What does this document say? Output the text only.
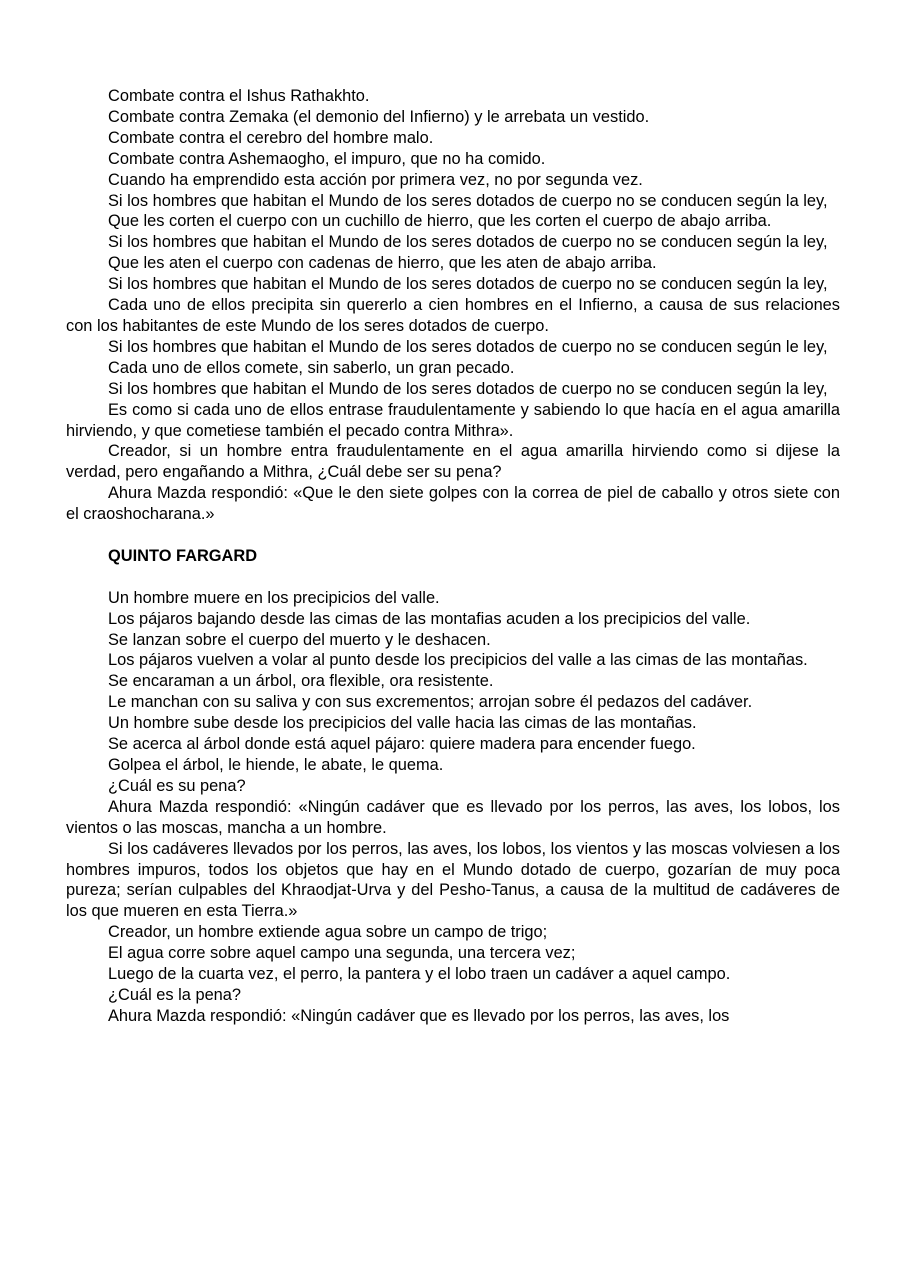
Combate contra el Ishus Rathakhto.

Combate contra Zemaka (el demonio del Infierno) y le arrebata un vestido.

Combate contra el cerebro del hombre malo.

Combate contra Ashemaogho, el impuro, que no ha comido.

Cuando ha emprendido esta acción por primera vez, no por segunda vez.

Si los hombres que habitan el Mundo de los seres dotados de cuerpo no se conducen según la ley,

Que les corten el cuerpo con un cuchillo de hierro, que les corten el cuerpo de abajo arriba.

Si los hombres que habitan el Mundo de los seres dotados de cuerpo no se conducen según la ley,

Que les aten el cuerpo con cadenas de hierro, que les aten de abajo arriba.

Si los hombres que habitan el Mundo de los seres dotados de cuerpo no se conducen según la ley,

Cada uno de ellos precipita sin quererlo a cien hombres en el Infierno, a causa de sus relaciones con los habitantes de este Mundo de los seres dotados de cuerpo.

Si los hombres que habitan el Mundo de los seres dotados de cuerpo no se conducen según le ley,

Cada uno de ellos comete, sin saberlo, un gran pecado.

Si los hombres que habitan el Mundo de los seres dotados de cuerpo no se conducen según la ley,

Es como si cada uno de ellos entrase fraudulentamente y sabiendo lo que hacía en el agua amarilla hirviendo, y que cometiese también el pecado contra Mithra».

Creador, si un hombre entra fraudulentamente en el agua amarilla hirviendo como si dijese la verdad, pero engañando a Mithra, ¿Cuál debe ser su pena?

Ahura Mazda respondió: «Que le den siete golpes con la correa de piel de caballo y otros siete con el craoshocharana.»

QUINTO FARGARD

Un hombre muere en los precipicios del valle.

Los pájaros bajando desde las cimas de las montafias acuden a los precipicios del valle.

Se lanzan sobre el cuerpo del muerto y le deshacen.

Los pájaros vuelven a volar al punto desde los precipicios del valle a las cimas de las montañas.

Se encaraman a un árbol, ora flexible, ora resistente.

Le manchan con su saliva y con sus excrementos; arrojan sobre él pedazos del cadáver.

Un hombre sube desde los precipicios del valle hacia las cimas de las montañas.

Se acerca al árbol donde está aquel pájaro: quiere madera para encender fuego.

Golpea el árbol, le hiende, le abate, le quema.

¿Cuál es su pena?

Ahura Mazda respondió: «Ningún cadáver que es llevado por los perros, las aves, los lobos, los vientos o las moscas, mancha a un hombre.

Si los cadáveres llevados por los perros, las aves, los lobos, los vientos y las moscas volviesen a los hombres impuros, todos los objetos que hay en el Mundo dotado de cuerpo, gozarían de muy poca pureza; serían culpables del Khraodjat-Urva y del Pesho-Tanus, a causa de la multitud de cadáveres de los que mueren en esta Tierra.»

Creador, un hombre extiende agua sobre un campo de trigo;

El agua corre sobre aquel campo una segunda, una tercera vez;

Luego de la cuarta vez, el perro, la pantera y el lobo traen un cadáver a aquel campo.

¿Cuál es la pena?

Ahura Mazda respondió: «Ningún cadáver que es llevado por los perros, las aves, los
